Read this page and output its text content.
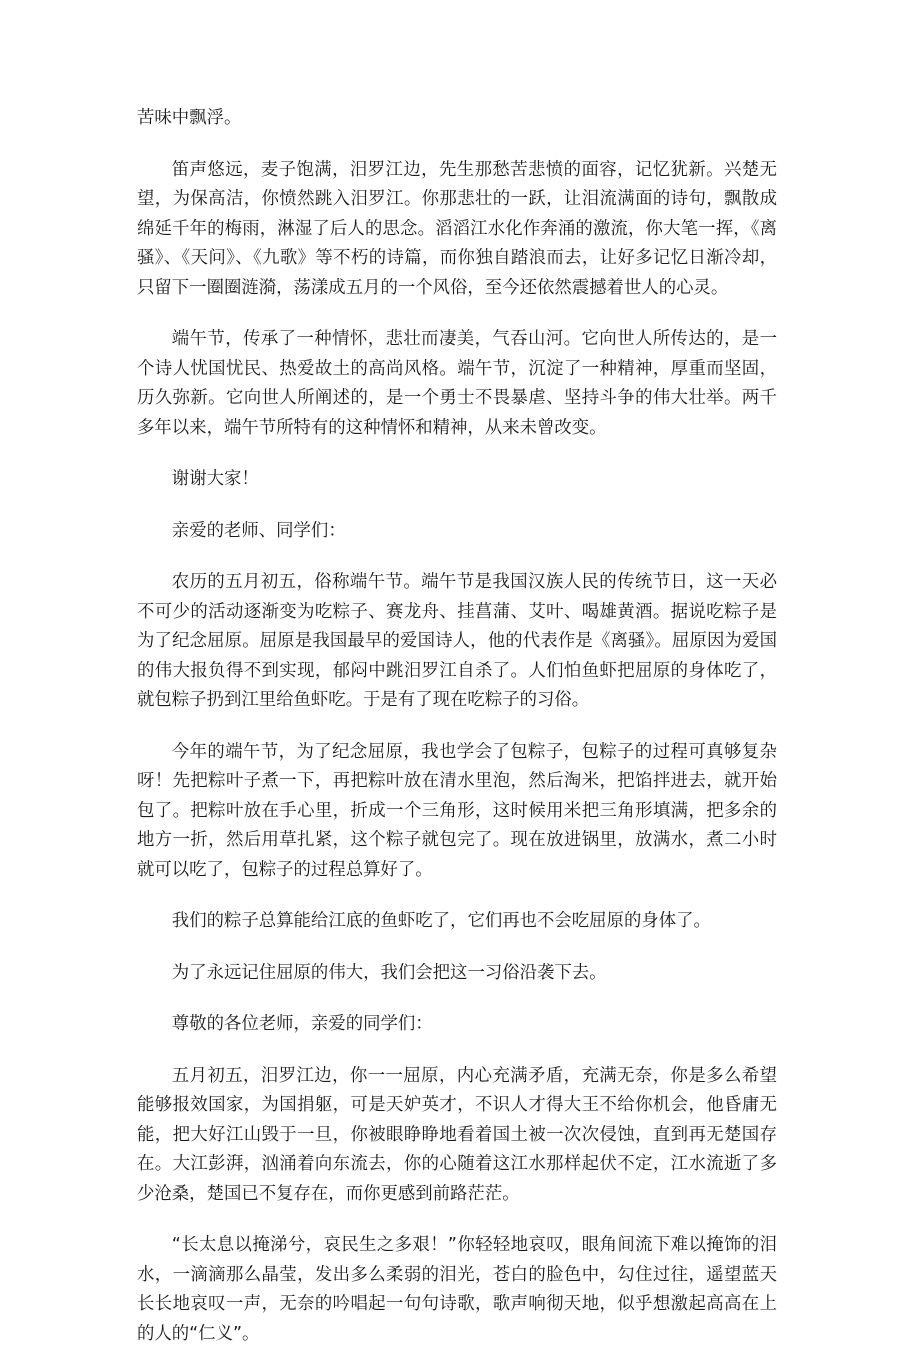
苦味中飘浮。

笛声悠远，麦子饱满，汨罗江边，先生那愁苦悲愤的面容，记忆犹新。兴楚无望，为保高洁，你愤然跳入汨罗江。你那悲壮的一跃，让泪流满面的诗句，飘散成绵延千年的梅雨，淋湿了后人的思念。滔滔江水化作奔涌的激流，你大笔一挥，《离骚》、《天问》、《九歌》等不朽的诗篇，而你独自踏浪而去，让好多记忆日渐冷却，只留下一圈圈涟漪，荡漾成五月的一个风俗，至今还依然震撼着世人的心灵。

端午节，传承了一种情怀，悲壮而凄美，气吞山河。它向世人所传达的，是一个诗人忧国忧民、热爱故土的高尚风格。端午节，沉淀了一种精神，厚重而坚固，历久弥新。它向世人所阐述的，是一个勇士不畏暴虐、坚持斗争的伟大壮举。两千多年以来，端午节所特有的这种情怀和精神，从来未曾改变。

谢谢大家！

亲爱的老师、同学们：

农历的五月初五，俗称端午节。端午节是我国汉族人民的传统节日，这一天必不可少的活动逐渐变为吃粽子、赛龙舟、挂菖蒲、艾叶、喝雄黄酒。据说吃粽子是为了纪念屈原。屈原是我国最早的爱国诗人，他的代表作是《离骚》。屈原因为爱国的伟大报负得不到实现，郁闷中跳汨罗江自杀了。人们怕鱼虾把屈原的身体吃了，就包粽子扔到江里给鱼虾吃。于是有了现在吃粽子的习俗。

今年的端午节，为了纪念屈原，我也学会了包粽子，包粽子的过程可真够复杂呀！先把粽叶子煮一下，再把粽叶放在清水里泡，然后淘米，把馅拌进去，就开始包了。把粽叶放在手心里，折成一个三角形，这时候用米把三角形填满，把多余的地方一折，然后用草扎紧，这个粽子就包完了。现在放进锅里，放满水，煮二小时就可以吃了，包粽子的过程总算好了。

我们的粽子总算能给江底的鱼虾吃了，它们再也不会吃屈原的身体了。

为了永远记住屈原的伟大，我们会把这一习俗沿袭下去。

尊敬的各位老师，亲爱的同学们：

五月初五，汨罗江边，你一一屈原，内心充满矛盾，充满无奈，你是多么希望能够报效国家，为国捐躯，可是天妒英才，不识人才得大王不给你机会，他昏庸无能，把大好江山毁于一旦，你被眼睁睁地看着国土被一次次侵蚀，直到再无楚国存在。大江彭湃，汹涌着向东流去，你的心随着这江水那样起伏不定，江水流逝了多少沧桑，楚国已不复存在，而你更感到前路茫茫。

“长太息以掩涕兮，哀民生之多艰！”你轻轻地哀叹，眼角间流下难以掩饰的泪水，一滴滴那么晶莹，发出多么柔弱的泪光，苍白的脸色中，勾住过往，遥望蓝天长长地哀叹一声，无奈的吟唱起一句句诗歌，歌声响彻天地，似乎想激起高高在上的人的“仁义”。
